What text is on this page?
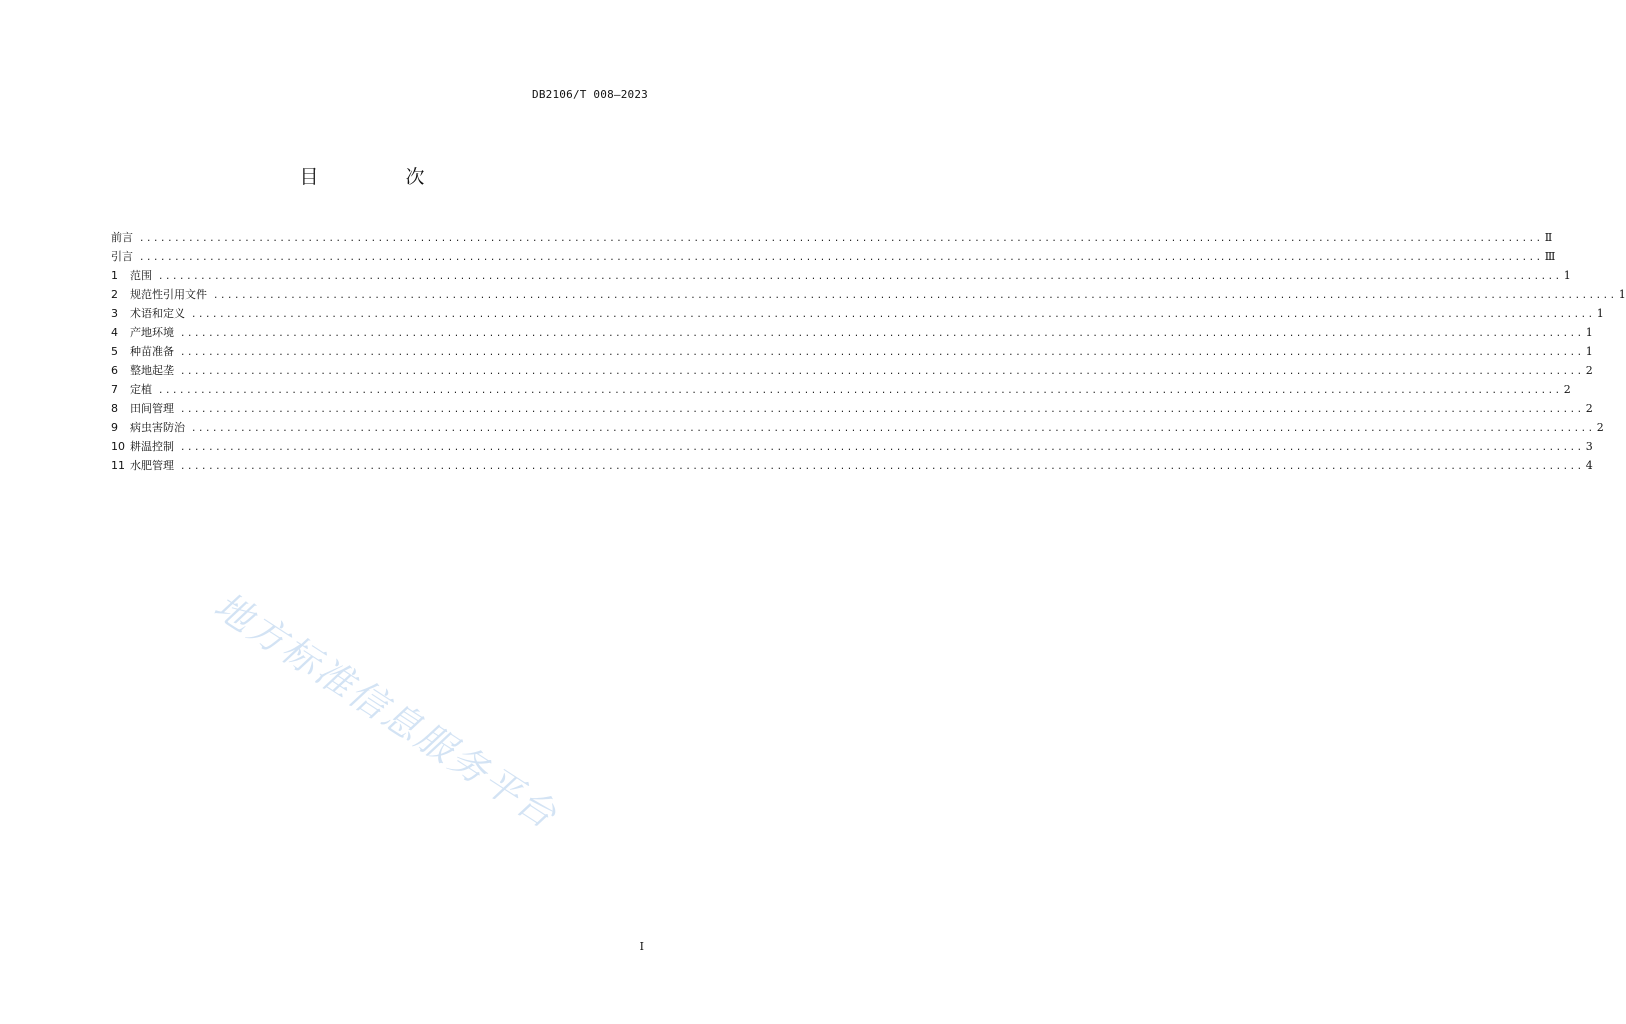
DB2106/T 008—2023
目　次
前言 ........................................................................................................................................................................................................ Ⅱ
引言 ........................................................................................................................................................................................................ Ⅲ
1	范围 ........................................................................................................................................................................................................ 1
2	规范性引用文件 ........................................................................................................................................................................................................ 1
3	术语和定义 ........................................................................................................................................................................................................ 1
4	产地环境 ........................................................................................................................................................................................................ 1
5	种苗准备 ........................................................................................................................................................................................................ 1
6	整地起垄 ........................................................................................................................................................................................................ 2
7	定植 ........................................................................................................................................................................................................ 2
8	田间管理 ........................................................................................................................................................................................................ 2
9	病虫害防治 ........................................................................................................................................................................................................ 2
10 耕温控制 ........................................................................................................................................................................................................ 3
11 水肥管理 ........................................................................................................................................................................................................ 4
地方标准信息服务平台
I
